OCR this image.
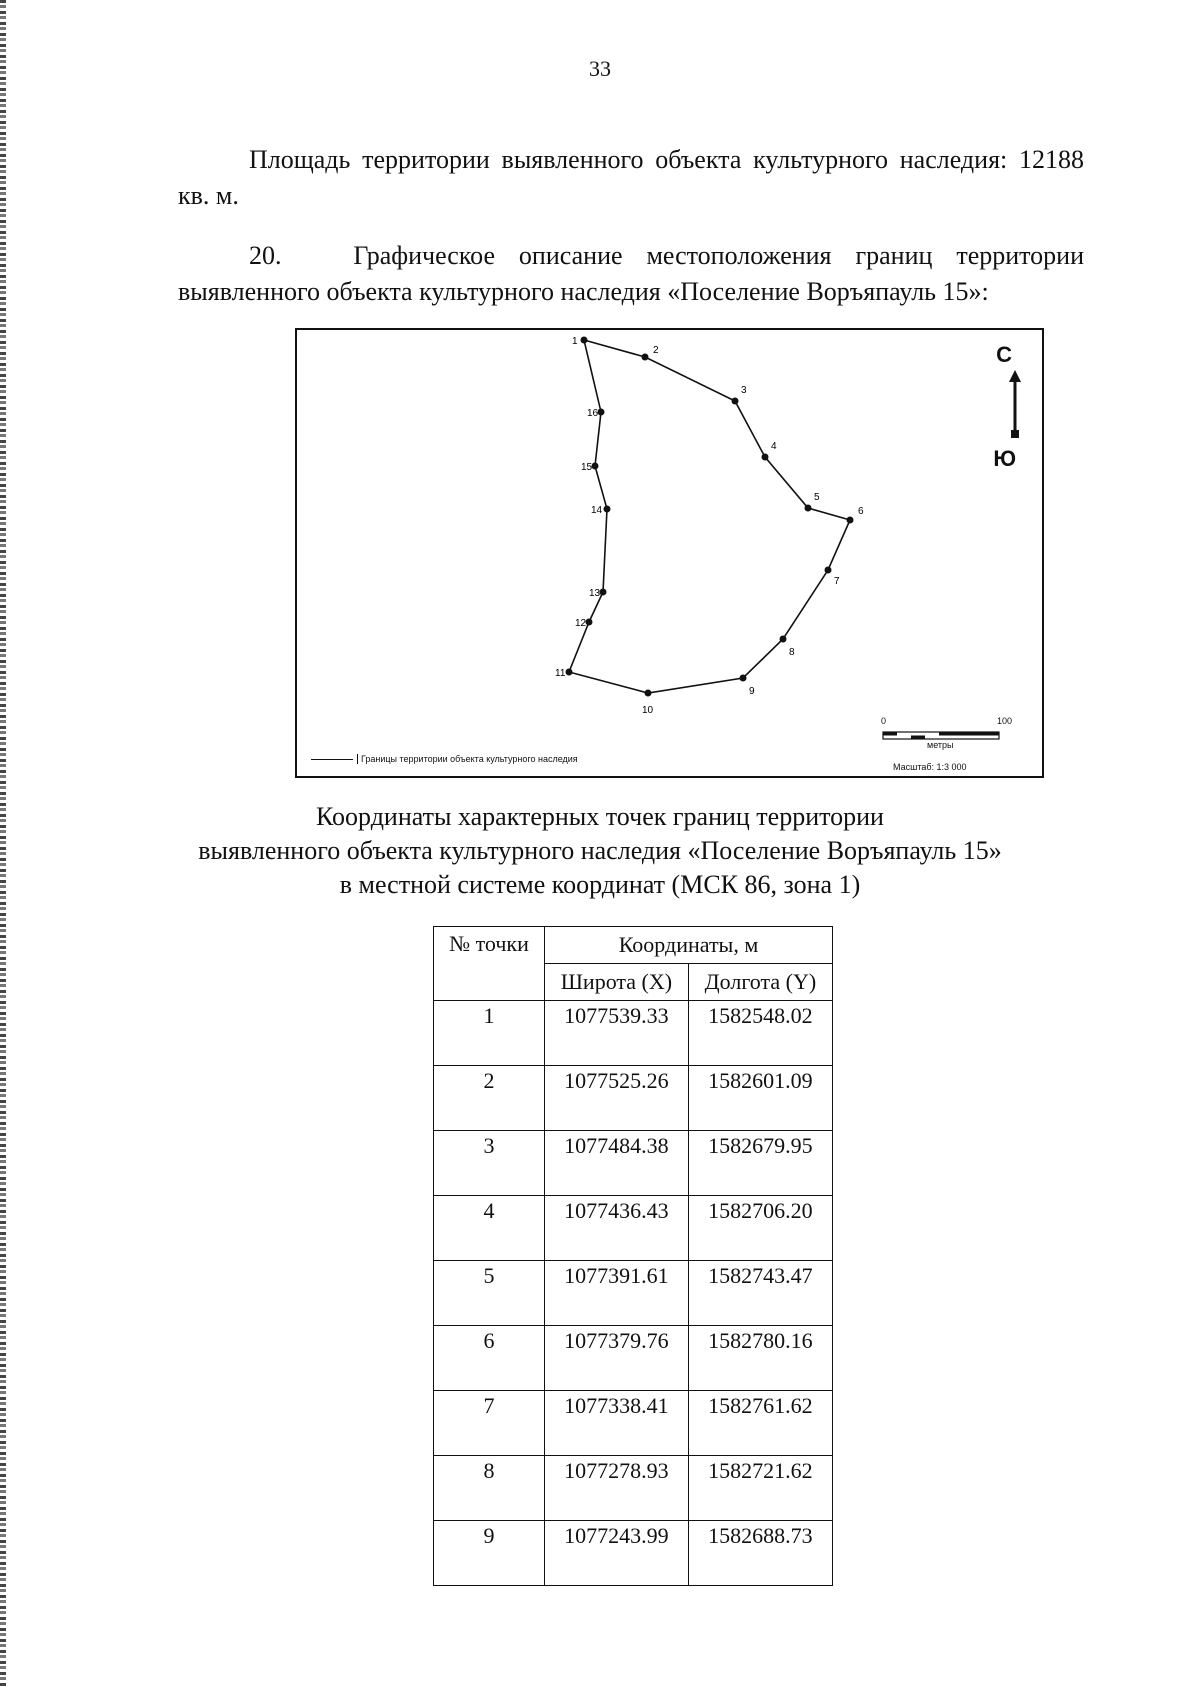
33
Площадь территории выявленного объекта культурного наследия: 12188 кв. м.
20.	Графическое описание местоположения границ территории выявленного объекта культурного наследия «Поселение Воръяпауль 15»:
1
2
3
4
5
6
7
8
9
10
11
12
13
14
15
16
С
Ю
0	100
метры
Масштаб: 1:3 000
Границы территории объекта культурного наследия
Координаты характерных точек границ территории
выявленного объекта культурного наследия «Поселение Воръяпауль 15»
в местной системе координат (МСК 86, зона 1)
№ точки	Координаты, м	
	Широта (X)	Долгота (Y)
1	1077539.33	1582548.02
2	1077525.26	1582601.09
3	1077484.38	1582679.95
4	1077436.43	1582706.20
5	1077391.61	1582743.47
6	1077379.76	1582780.16
7	1077338.41	1582761.62
8	1077278.93	1582721.62
9	1077243.99	1582688.73
